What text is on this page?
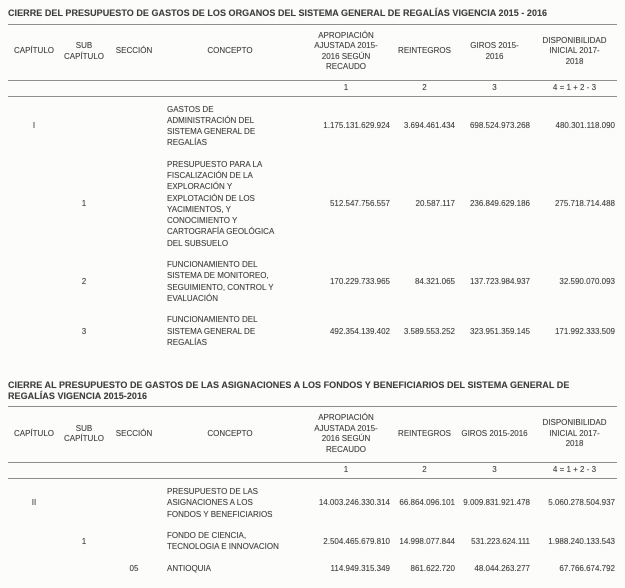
CIERRE DEL PRESUPUESTO DE GASTOS DE LOS ORGANOS DEL SISTEMA GENERAL DE REGALÍAS VIGENCIA 2015 - 2016
CAPÍTULO	SUB CAPÍTULO	SECCIÓN	CONCEPTO	APROPIACIÓN AJUSTADA 2015-2016 SEGÚN RECAUDO	REINTEGROS	GIROS 2015-2016	DISPONIBILIDAD INICIAL 2017-2018
				1	2	3	4 = 1 + 2 - 3
I			GASTOS DE ADMINISTRACIÓN DEL SISTEMA GENERAL DE REGALÍAS	1.175.131.629.924	3.694.461.434	698.524.973.268	480.301.118.090
	1		PRESUPUESTO PARA LA FISCALIZACIÓN DE LA EXPLORACIÓN Y EXPLOTACIÓN DE LOS YACIMIENTOS, Y CONOCIMIENTO Y CARTOGRAFÍA GEOLÓGICA DEL SUBSUELO	512.547.756.557	20.587.117	236.849.629.186	275.718.714.488
	2		FUNCIONAMIENTO DEL SISTEMA DE MONITOREO, SEGUIMIENTO, CONTROL Y EVALUACIÓN	170.229.733.965	84.321.065	137.723.984.937	32.590.070.093
	3		FUNCIONAMIENTO DEL SISTEMA GENERAL DE REGALÍAS	492.354.139.402	3.589.553.252	323.951.359.145	171.992.333.509
CIERRE AL PRESUPUESTO DE GASTOS DE LAS ASIGNACIONES A LOS FONDOS Y BENEFICIARIOS DEL SISTEMA GENERAL DE REGALÍAS VIGENCIA 2015-2016
CAPÍTULO	SUB CAPÍTULO	SECCIÓN	CONCEPTO	APROPIACIÓN AJUSTADA 2015-2016 SEGÚN RECAUDO	REINTEGROS	GIROS 2015-2016	DISPONIBILIDAD INICIAL 2017-2018
				1	2	3	4 = 1 + 2 - 3
II			PRESUPUESTO DE LAS ASIGNACIONES A LOS FONDOS Y BENEFICIARIOS	14.003.246.330.314	66.864.096.101	9.009.831.921.478	5.060.278.504.937
	1		FONDO DE CIENCIA, TECNOLOGIA E INNOVACION	2.504.465.679.810	14.998.077.844	531.223.624.111	1.988.240.133.543
		05	ANTIOQUIA	114.949.315.349	861.622.720	48.044.263.277	67.766.674.792
